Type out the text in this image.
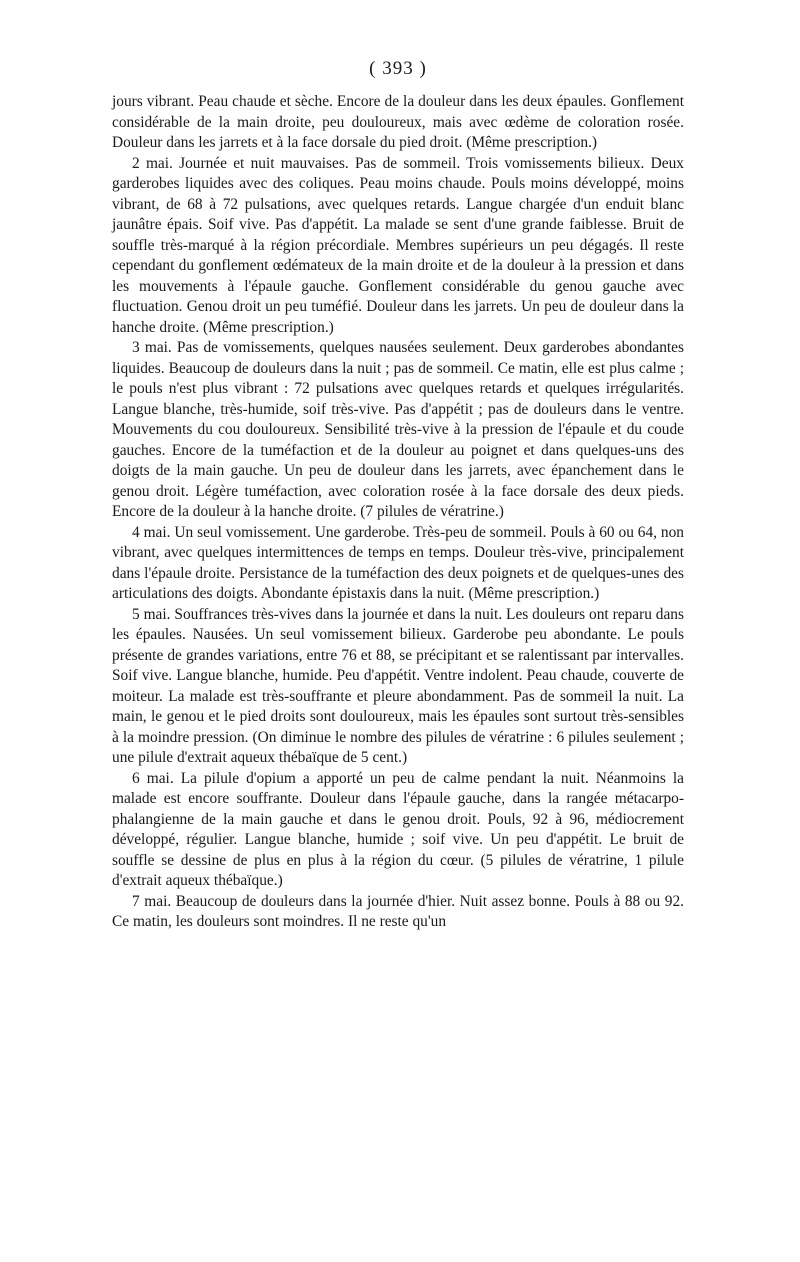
( 393 )

jours vibrant. Peau chaude et sèche. Encore de la douleur dans les deux épaules. Gonflement considérable de la main droite, peu douloureux, mais avec œdème de coloration rosée. Douleur dans les jarrets et à la face dorsale du pied droit. (Même prescription.)

2 mai. Journée et nuit mauvaises. Pas de sommeil. Trois vomissements bilieux. Deux garderobes liquides avec des coliques. Peau moins chaude. Pouls moins développé, moins vibrant, de 68 à 72 pulsations, avec quelques retards. Langue chargée d'un enduit blanc jaunâtre épais. Soif vive. Pas d'appétit. La malade se sent d'une grande faiblesse. Bruit de souffle très-marqué à la région précordiale. Membres supérieurs un peu dégagés. Il reste cependant du gonflement œdémateux de la main droite et de la douleur à la pression et dans les mouvements à l'épaule gauche. Gonflement considérable du genou gauche avec fluctuation. Genou droit un peu tuméfié. Douleur dans les jarrets. Un peu de douleur dans la hanche droite. (Même prescription.)

3 mai. Pas de vomissements, quelques nausées seulement. Deux garderobes abondantes liquides. Beaucoup de douleurs dans la nuit ; pas de sommeil. Ce matin, elle est plus calme ; le pouls n'est plus vibrant : 72 pulsations avec quelques retards et quelques irrégularités. Langue blanche, très-humide, soif très-vive. Pas d'appétit ; pas de douleurs dans le ventre. Mouvements du cou douloureux. Sensibilité très-vive à la pression de l'épaule et du coude gauches. Encore de la tuméfaction et de la douleur au poignet et dans quelques-uns des doigts de la main gauche. Un peu de douleur dans les jarrets, avec épanchement dans le genou droit. Légère tuméfaction, avec coloration rosée à la face dorsale des deux pieds. Encore de la douleur à la hanche droite. (7 pilules de vératrine.)

4 mai. Un seul vomissement. Une garderobe. Très-peu de sommeil. Pouls à 60 ou 64, non vibrant, avec quelques intermittences de temps en temps. Douleur très-vive, principalement dans l'épaule droite. Persistance de la tuméfaction des deux poignets et de quelques-unes des articulations des doigts. Abondante épistaxis dans la nuit. (Même prescription.)

5 mai. Souffrances très-vives dans la journée et dans la nuit. Les douleurs ont reparu dans les épaules. Nausées. Un seul vomissement bilieux. Garderobe peu abondante. Le pouls présente de grandes variations, entre 76 et 88, se précipitant et se ralentissant par intervalles. Soif vive. Langue blanche, humide. Peu d'appétit. Ventre indolent. Peau chaude, couverte de moiteur. La malade est très-souffrante et pleure abondamment. Pas de sommeil la nuit. La main, le genou et le pied droits sont douloureux, mais les épaules sont surtout très-sensibles à la moindre pression. (On diminue le nombre des pilules de vératrine : 6 pilules seulement ; une pilule d'extrait aqueux thébaïque de 5 cent.)

6 mai. La pilule d'opium a apporté un peu de calme pendant la nuit. Néanmoins la malade est encore souffrante. Douleur dans l'épaule gauche, dans la rangée métacarpo-phalangienne de la main gauche et dans le genou droit. Pouls, 92 à 96, médiocrement développé, régulier. Langue blanche, humide ; soif vive. Un peu d'appétit. Le bruit de souffle se dessine de plus en plus à la région du cœur. (5 pilules de vératrine, 1 pilule d'extrait aqueux thébaïque.)

7 mai. Beaucoup de douleurs dans la journée d'hier. Nuit assez bonne. Pouls à 88 ou 92. Ce matin, les douleurs sont moindres. Il ne reste qu'un
